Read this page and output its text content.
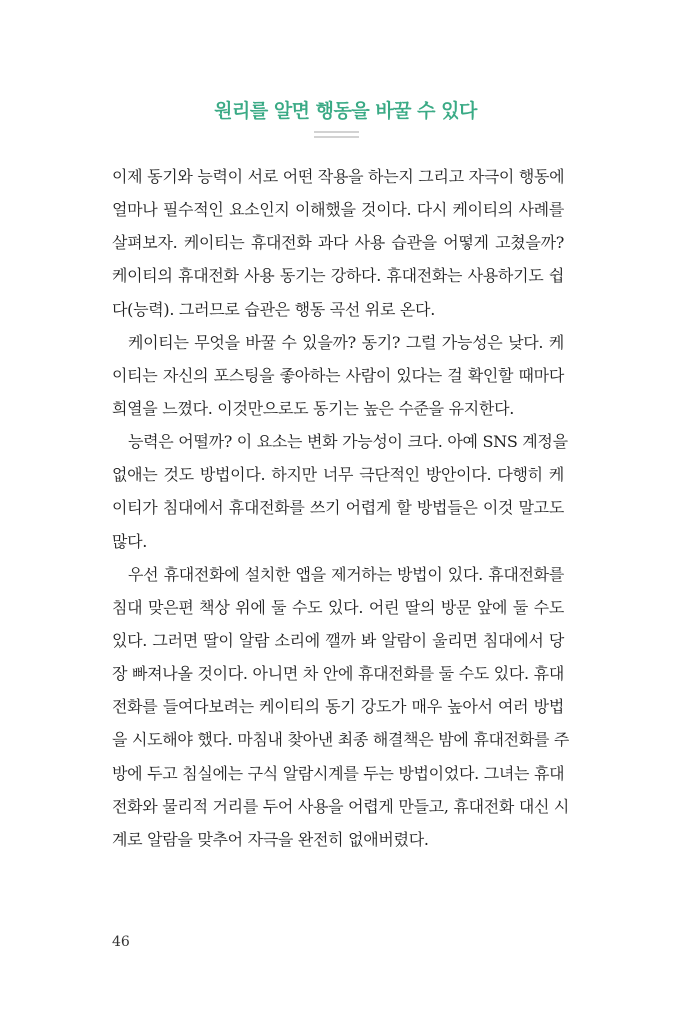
원리를 알면 행동을 바꿀 수 있다
이제 동기와 능력이 서로 어떤 작용을 하는지 그리고 자극이 행동에
얼마나 필수적인 요소인지 이해했을 것이다. 다시 케이티의 사례를
살펴보자. 케이티는 휴대전화 과다 사용 습관을 어떻게 고쳤을까?
케이티의 휴대전화 사용 동기는 강하다. 휴대전화는 사용하기도 쉽
다(능력). 그러므로 습관은 행동 곡선 위로 온다.
케이티는 무엇을 바꿀 수 있을까? 동기? 그럴 가능성은 낮다. 케
이티는 자신의 포스팅을 좋아하는 사람이 있다는 걸 확인할 때마다
희열을 느꼈다. 이것만으로도 동기는 높은 수준을 유지한다.
능력은 어떨까? 이 요소는 변화 가능성이 크다. 아예 SNS 계정을
없애는 것도 방법이다. 하지만 너무 극단적인 방안이다. 다행히 케
이티가 침대에서 휴대전화를 쓰기 어렵게 할 방법들은 이것 말고도
많다.
우선 휴대전화에 설치한 앱을 제거하는 방법이 있다. 휴대전화를
침대 맞은편 책상 위에 둘 수도 있다. 어린 딸의 방문 앞에 둘 수도
있다. 그러면 딸이 알람 소리에 깰까 봐 알람이 울리면 침대에서 당
장 빠져나올 것이다. 아니면 차 안에 휴대전화를 둘 수도 있다. 휴대
전화를 들여다보려는 케이티의 동기 강도가 매우 높아서 여러 방법
을 시도해야 했다. 마침내 찾아낸 최종 해결책은 밤에 휴대전화를 주
방에 두고 침실에는 구식 알람시계를 두는 방법이었다. 그녀는 휴대
전화와 물리적 거리를 두어 사용을 어렵게 만들고, 휴대전화 대신 시
계로 알람을 맞추어 자극을 완전히 없애버렸다.
46
